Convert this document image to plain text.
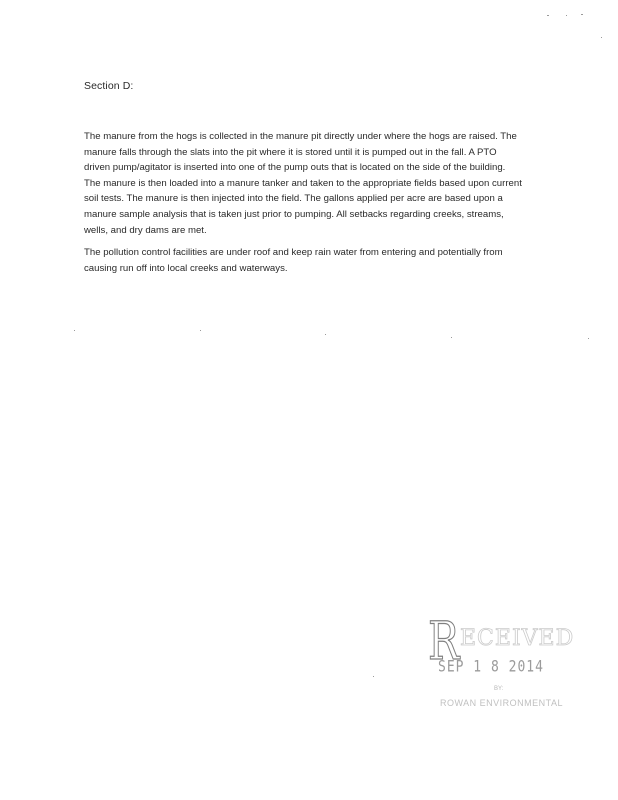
Section D:

The manure from the hogs is collected in the manure pit directly under where the hogs are raised. The
manure falls through the slats into the pit where it is stored until it is pumped out in the fall. A PTO
driven pump/agitator is inserted into one of the pump outs that is located on the side of the building.
The manure is then loaded into a manure tanker and taken to the appropriate fields based upon current
soil tests. The manure is then injected into the field. The gallons applied per acre are based upon a
manure sample analysis that is taken just prior to pumping. All setbacks regarding creeks, streams,
wells, and dry dams are met.

The pollution control facilities are under roof and keep rain water from entering and potentially from
causing run off into local creeks and waterways.

R ECEIVED
SEP 1 8 2014
BY:
ROWAN ENVIRONMENTAL
